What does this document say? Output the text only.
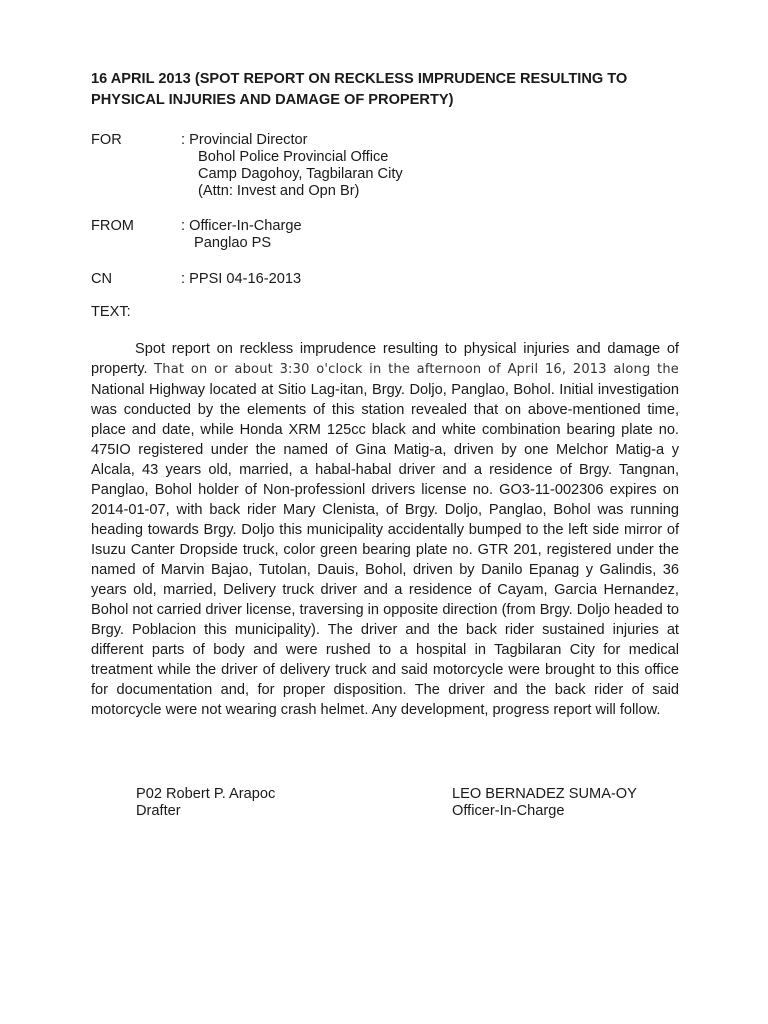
16 APRIL 2013 (SPOT REPORT ON RECKLESS IMPRUDENCE RESULTING TO PHYSICAL INJURIES AND DAMAGE OF PROPERTY)
FOR	: Provincial Director
Bohol Police Provincial Office
Camp Dagohoy, Tagbilaran City
(Attn: Invest and Opn Br)
FROM	: Officer-In-Charge
Panglao PS
CN	: PPSI 04-16-2013
TEXT:

Spot report on reckless imprudence resulting to physical injuries and damage of property. That on or about 3:30 o'clock in the afternoon of April 16, 2013 along the National Highway located at Sitio Lag-itan, Brgy. Doljo, Panglao, Bohol. Initial investigation was conducted by the elements of this station revealed that on above-mentioned time, place and date, while Honda XRM 125cc black and white combination bearing plate no. 475IO registered under the named of Gina Matig-a, driven by one Melchor Matig-a y Alcala, 43 years old, married, a habal-habal driver and a residence of Brgy. Tangnan, Panglao, Bohol holder of Non-professionl drivers license no. GO3-11-002306 expires on 2014-01-07, with back rider Mary Clenista, of Brgy. Doljo, Panglao, Bohol was running heading towards Brgy. Doljo this municipality accidentally bumped to the left side mirror of Isuzu Canter Dropside truck, color green bearing plate no. GTR 201, registered under the named of Marvin Bajao, Tutolan, Dauis, Bohol, driven by Danilo Epanag y Galindis, 36 years old, married, Delivery truck driver and a residence of Cayam, Garcia Hernandez, Bohol not carried driver license, traversing in opposite direction (from Brgy. Doljo headed to Brgy. Poblacion this municipality). The driver and the back rider sustained injuries at different parts of body and were rushed to a hospital in Tagbilaran City for medical treatment while the driver of delivery truck and said motorcycle were brought to this office for documentation and, for proper disposition. The driver and the back rider of said motorcycle were not wearing crash helmet. Any development, progress report will follow.

P02 Robert P. Arapoc
Drafter
LEO BERNADEZ SUMA-OY
Officer-In-Charge
